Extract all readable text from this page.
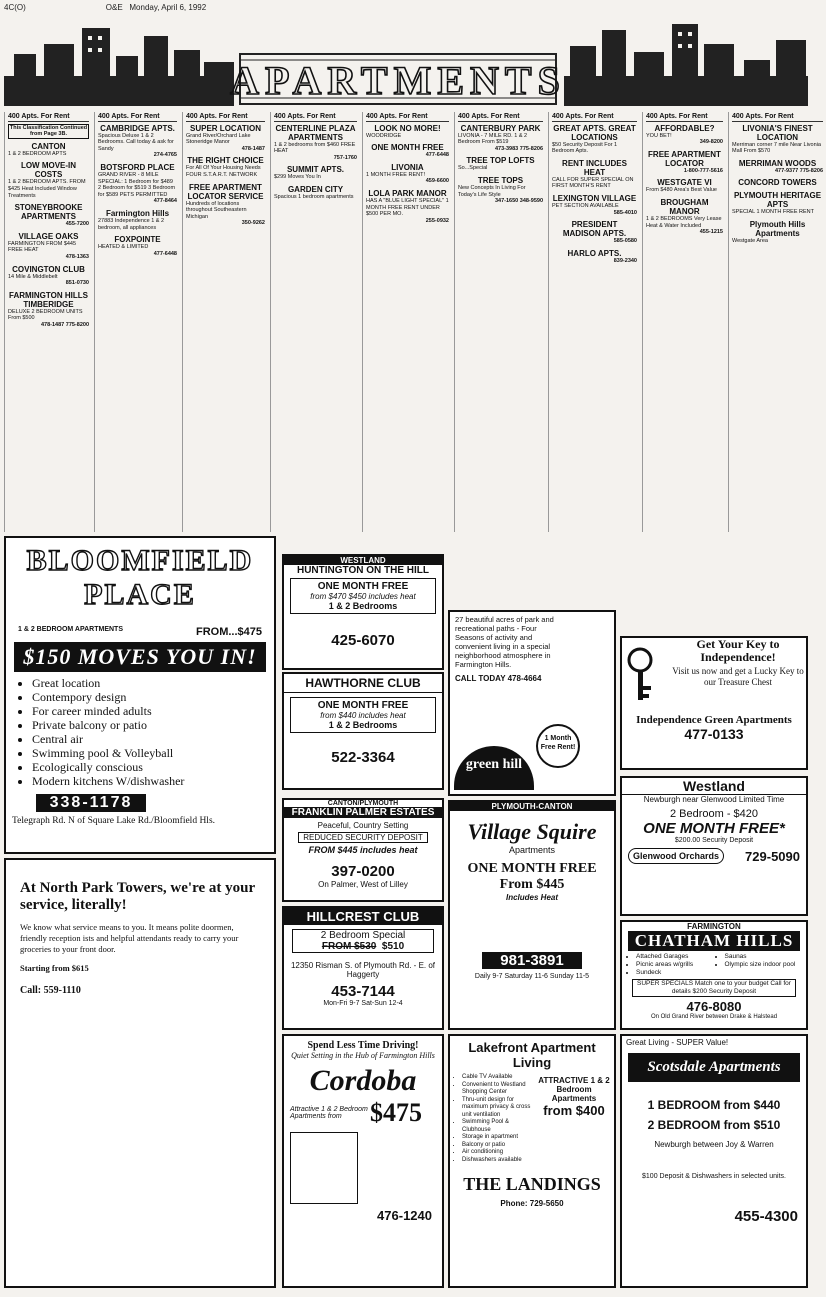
4C(O)	O&E Monday, April 6, 1992
APARTMENTS
400 Apts. For Rent
This Classification Continued from Page 3B.
CANTON
1 & 2 BEDROOM APTS
LOW MOVE-IN COSTS
1 & 2 BEDROOM APTS. FROM $425 Heat Included Window Treatments
STONEYBROOKE APARTMENTS
455-7200
VILLAGE OAKS
FARMINGTON FROM $445 FREE HEAT
478-1363
COVINGTON CLUB
14 Mile & Middlebelt
851-0730
FARMINGTON HILLS TIMBERIDGE
DELUXE 2 BEDROOM UNITS From $500
478-1487 775-8200
400 Apts. For Rent
CAMBRIDGE APTS.
Spacious Deluxe 1 & 2 Bedrooms. Call today & ask for Sandy
274-4765
BOTSFORD PLACE
GRAND RIVER - 8 MILE SPECIAL: 1 Bedroom for $489 2 Bedroom for $519 3 Bedroom for $589 PETS PERMITTED
477-8464
Farmington Hills
27883 Independence 1 & 2 bedroom, all appliances
FOXPOINTE
HEATED & LIMITED
477-6448
400 Apts. For Rent
SUPER LOCATION
Grand River/Orchard Lake Stoneridge Manor
478-1487
THE RIGHT CHOICE
For All Of Your Housing Needs FOUR S.T.A.R.T. NETWORK
FREE APARTMENT LOCATOR SERVICE
Hundreds of locations throughout Southeastern Michigan
350-9262
400 Apts. For Rent
CENTERLINE PLAZA APARTMENTS
1 & 2 bedrooms from $460 FREE HEAT
757-1760
SUMMIT APTS.
$299 Moves You In
GARDEN CITY
Spacious 1 bedroom apartments
400 Apts. For Rent
LOOK NO MORE!
WOODRIDGE
ONE MONTH FREE
477-6448
LIVONIA
1 MONTH FREE RENT!
459-6600
LOLA PARK MANOR
HAS A "BLUE LIGHT SPECIAL" 1 MONTH FREE RENT UNDER $500 PER MO.
255-0932
400 Apts. For Rent
CANTERBURY PARK
LIVONIA - 7 MILE RD. 1 & 2 Bedroom From $519
473-3983 775-8206
TREE TOP LOFTS
So...Special
TREE TOPS
New Concepts In Living For Today's Life Style
347-1650 348-9590
400 Apts. For Rent
GREAT APTS. GREAT LOCATIONS
$50 Security Deposit For 1 Bedroom Apts.
RENT INCLUDES HEAT
CALL FOR SUPER SPECIAL ON FIRST MONTH'S RENT
LEXINGTON VILLAGE
PET SECTION AVAILABLE
585-4010
PRESIDENT MADISON APTS.
585-0580
HARLO APTS.
839-2340
400 Apts. For Rent
AFFORDABLE?
YOU BET!
349-8200
FREE APARTMENT LOCATOR
1-800-777-5616
WESTGATE VI
From $480 Area's Best Value
BROUGHAM MANOR
1 & 2 BEDROOMS Very Lease Heat & Water Included
455-1215
400 Apts. For Rent
LIVONIA'S FINEST LOCATION
Merriman corner 7 mile Near Livonia Mall From $570
MERRIMAN WOODS
477-9377 775-8206
CONCORD TOWERS
PLYMOUTH HERITAGE APTS
SPECIAL 1 MONTH FREE RENT
Plymouth Hills Apartments
Westgate Area
BLOOMFIELD
PLACE
1 & 2 BEDROOM APARTMENTS	FROM...$475
$150 MOVES YOU IN!
• Great location
• Contempory design
• For career minded adults
• Private balcony or patio
• Central air
• Swimming pool & Volleyball
• Ecologically conscious
• Modern kitchens W/dishwasher
338-1178
Telegraph Rd. N of Square Lake Rd./Bloomfield Hls.
At North Park Towers, we're at your service, literally!
We know what service means to you. It means polite doormen, friendly reception ists and helpful attendants ready to carry your groceries to your front door.
Starting from $615
Call: 559-1110
WESTLAND
HUNTINGTON ON THE HILL
ONE MONTH FREE
from $470 $450 includes heat
1 & 2 Bedrooms
425-6070
HAWTHORNE CLUB
ONE MONTH FREE
from $440 includes heat
1 & 2 Bedrooms
522-3364
CANTON/PLYMOUTH
FRANKLIN PALMER ESTATES
Peaceful, Country Setting
REDUCED SECURITY DEPOSIT
FROM $445 includes heat
397-0200
On Palmer, West of Lilley
HILLCREST CLUB
2 Bedroom Special
FROM $530 $510
12350 Risman S. of Plymouth Rd. - E. of Haggerty
453-7144
Mon-Fri 9-7 Sat-Sun 12-4
27 beautiful acres of park and recreational paths - Four Seasons of activity and convenient living in a special neighborhood atmosphere in Farmington Hills.
CALL TODAY 478-4664
1 Month Free Rent!
green hill
PLYMOUTH-CANTON
Village Squire
Apartments
ONE MONTH FREE
From $445
Includes Heat
981-3891
Daily 9-7 Saturday 11-6 Sunday 11-5
Spend Less Time Driving!
Quiet Setting in the Hub of Farmington Hills
Cordoba
Attractive 1 & 2 Bedroom Apartments from	$475
476-1240
Lakefront Apartment Living
• Cable TV Available
• Convenient to Westland Shopping Center
• Thru-unit design for maximum privacy & cross unit ventilation
• Swimming Pool & Clubhouse
• Storage in apartment
• Balcony or patio
• Air conditioning
• Dishwashers available
ATTRACTIVE 1 & 2 Bedroom Apartments
from $400
THE LANDINGS
Phone: 729-5650
Get Your Key to Independence!
Visit us now and get a Lucky Key to our Treasure Chest
Independence Green Apartments
477-0133
Westland
Newburgh near Glenwood Limited Time
2 Bedroom - $420
ONE MONTH FREE*
$200.00 Security Deposit
Glenwood Orchards	729-5090
FARMINGTON
CHATHAM HILLS
• Attached Garages
• Picnic areas w/grills
• Sundeck
• Saunas
• Olympic size indoor pool
SUPER SPECIALS Match one to your budget Call for details $200 Security Deposit
476-8080
On Old Grand River between Drake & Halstead
Great Living - SUPER Value!
Scotsdale Apartments
1 BEDROOM from $440
2 BEDROOM from $510
Newburgh between Joy & Warren
$100 Deposit & Dishwashers in selected units.
455-4300
